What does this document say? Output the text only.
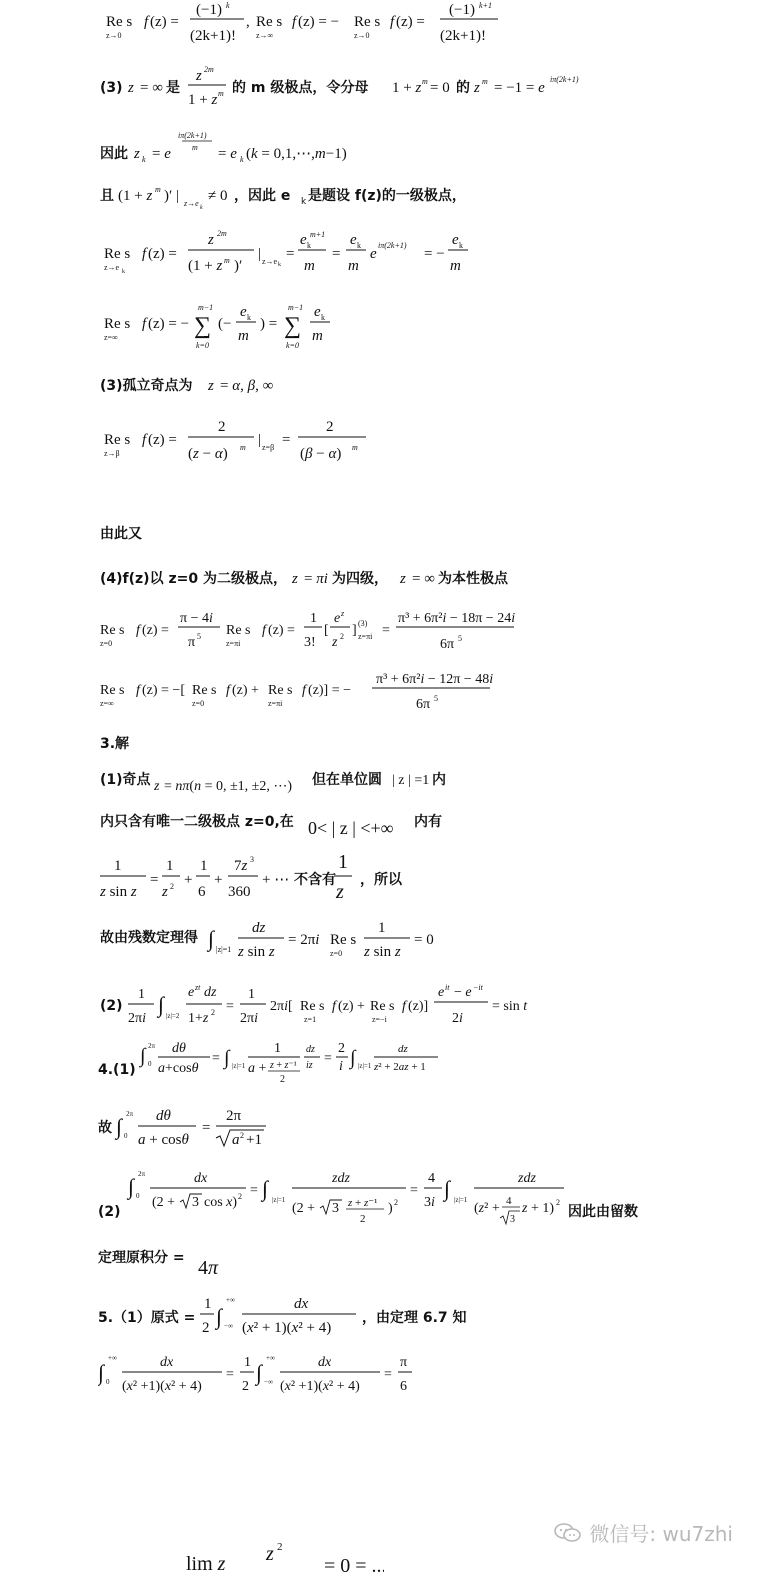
Re s
z→0
f (z) =
(−1) k
(2k+1)!
, Re s
z→∞
f (z) = − Re s
z→0
f (z) =
(−1) k+1
(2k+1)!
(3) z = ∞ 是
z 2m
1 + z m 的 m 级极点，令分母 1 + z m = 0 的 z m = −1 = e
iπ(2k+1)
因此 z k = e
iπ(2k+1)
m = e k (k = 0,1,⋯,m−1)
且 (1 + z m )′ | z→e k
≠ 0 ，因此 e k 是题设 f(z)的一级极点，
Re s
z→e k
f (z) =
z 2m
(1 + z m )′
| z→e k
=
e k
m+1
m
=
e k
m
e
iπ(2k+1)
= −
e k
m
Re s
z=∞
f (z) = −
m−1
∑
k=0
(−
e k
m
) =
m−1
∑
k=0
e k
m
(3)孤立奇点为 z = α, β, ∞
Re s
z→β
f (z) =
2
(z − α) m | z=β =
2
(β − α) m
由此又
(4)f(z)以 z=0 为二级极点， z = πi 为四级， z = ∞ 为本性极点
Re s
z=0
f (z) =
π − 4i
π 5 Re s
z=πi
f (z) =
1
3!
[
e z
z 2 ] (3)
z=πi =
π³ + 6π²i − 18π − 24i
6π 5
Re s
z=∞
f (z) = −[ Re s
z=0
f (z) + Re s
z=πi
f (z)] = −
π³ + 6π²i − 12π − 48i
6π 5
3.解
(1)奇点 z = nπ(n = 0, ±1, ±2, ⋯) 但在单位圆 | z | =1 内
内只含有唯一二级极点 z=0,在 0< | z | <+∞ 内有
1
z sin z
=
1
z 2 +
1
6
+
7z 3
360
+ ⋯ 不含有
1
z
，所以
故由残数定理得 ∫ |z|=1
dz
z sin z
= 2πi Re s
z=0
1
z sin z
= 0
(2)
1
2πi
∫ |z|=2
e zt dz
1+z 2 =
1
2πi
2πi[ Re s
z=1
f (z) + Re s
z=−i
f (z)]
e it − e −it
2i
= sin t
4.(1)
∫ 2π
0
dθ
a+cosθ
= ∫ |z|=1
1
a + z + z⁻¹
2
dz
iz =
2
i ∫ |z|=1
dz
z² + 2az + 1
故 ∫ 2π
0
dθ
a + cosθ
=
2π
a 2 +1
(2)
∫ 2π
0
dx
(2 + 3 cos x) 2 = ∫ |z|=1
zdz
(2 + 3 z + z⁻¹
2
) 2
=
4
3i
∫ |z|=1
zdz
(z² + 4
3
z + 1) 2
因此由留数
定理原积分 = 4π
5.（1）原式 =
1
2 ∫
+∞
−∞
dx
(x² + 1)(x² + 4)
，由定理 6.7 知
∫
+∞
0
dx
(x² +1)(x² + 4)
=
1
2
∫
+∞
−∞
dx
(x² +1)(x² + 4)
=
π
6
微信号: wu7zhi
lim z z 2
= 0 = ...
